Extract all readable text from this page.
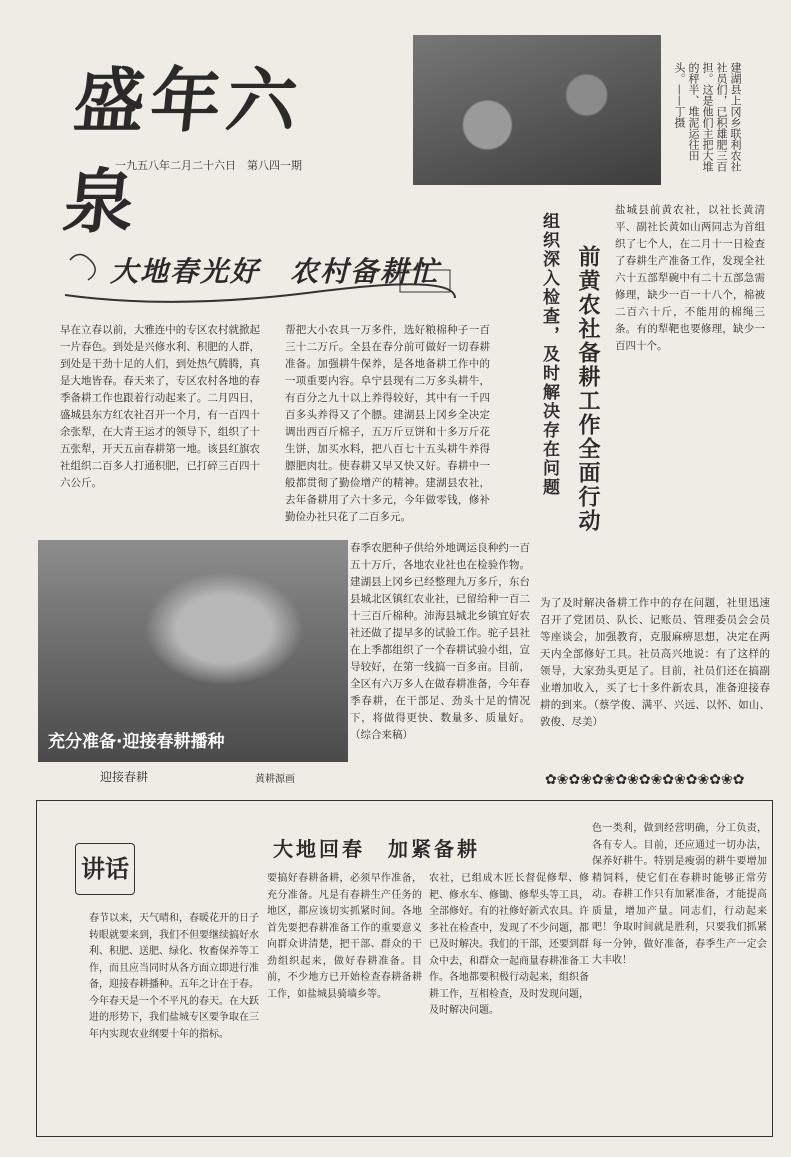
盛年六泉
一九五八年二月二十六日　第八四一期	建湖县上冈乡联利农社社员们，已积雄肥三百担。这是他们主把大堆的秤半、堆泥运往田头。——丁摄
大地春光好　农村备耕忙
早在立春以前，大雅连中的专区农村就掀起一片春色。到处是兴修水利、积肥的人群，到处是干劲十足的人们，到处热气腾腾，真是大地皆春。春天来了，专区农村各地的春季备耕工作也跟着行动起来了。二月四日，盛城县东方红农社召开一个月，有一百四十余张犁，在大青王运才的领导下，组织了十五张犁，开天五亩春耕第一地。该县红旗农社组织二百多人打通积肥，已打碎三百四十六公斤。
帮把大小农具一万多件，选好粮棉种子一百三十二万斤。全县在春分前可做好一切春耕准备。加强耕牛保养，是各地备耕工作中的一项重要内容。阜宁县现有二万多头耕牛，有百分之九十以上养得较好，其中有一千四百多头养得又了个膘。建湖县上冈乡全决定调出西百斤棉子，五万斤豆饼和十多万斤花生饼，加买水料，把八百七十五头耕牛养得膘肥肉壮。使春耕又早又快又好。春耕中一般都贯彻了勤俭增产的精神。建湖县农社，去年备耕用了六十多元，今年做零钱，修补勤俭办社只花了二百多元。
充分准备·迎接春耕播种
迎接春耕	黄耕源画
春季农肥种子供给外地调运良种约一百五十万斤，各地农业社也在检验作物。建湖县上冈乡已经整理九万多斤，东台县城北区镇红农业社，已留给种一百二十三百斤棉种。沛海县城北乡镇宜好农社还做了提早多的试验工作。驼子县社在上季都组织了一个春耕试验小组，宣导较好，在第一线搞一百多亩。目前，全区有六万多人在做春耕准备，今年春季春耕，在干部足、劲头十足的情况下，将做得更快、数量多、质量好。（综合来稿）
前黄农社备耕工作全面行动
组织深入检查，及时解决存在问题
盐城县前黄农社，以社长黄清平、副社长黄如山两同志为首组织了七个人，在二月十一日检查了春耕生产准备工作，发现全社六十五部犁碗中有二十五部急需修理，缺少一百一十八个，棉被二百六十斤，不能用的棉绳三条。有的犁靶也要修理，缺少一百四十个。
为了及时解决备耕工作中的存在问题，社里迅速召开了党团员、队长、记账员、管理委员会会员等座谈会，加强教育，克服麻痹思想，决定在两天内全部修好工具。社员高兴地说：有了这样的领导，大家劲头更足了。目前，社员们还在搞副业增加收入，买了七十多件新农具，准备迎接春耕的到来。（蔡学俊、满平、兴远、以怀、如山、敦俊、尽美）
✿❀✿❀✿❀✿❀✿❀✿❀✿❀✿❀✿
讲话
大地回春　加紧备耕
春节以来，天气晴和，春暖花开的日子转眼就要来到，我们不但要继续搞好水利、积肥、送肥、绿化、牧畜保养等工作，而且应当同时从各方面立即进行准备，迎接春耕播种。五年之计在于春。今年春天是一个不平凡的春天。在大跃进的形势下，我们盐城专区要争取在三年内实现农业纲要十年的指标。
要搞好春耕备耕，必须早作准备，充分准备。凡是有春耕生产任务的地区，都应该切实抓紧时间。各地首先要把春耕准备工作的重要意义向群众讲清楚，把干部、群众的干劲组织起来，做好春耕准备。目前，不少地方已开始检查春耕备耕工作，如盐城县骑墙乡等。
农社，已组成木匠长督促修犁、修耙、修水车、修锄、修犁头等工具，全部修好。有的社修好新式农具。许多社在检查中，发现了不少问题，都已及时解决。我们的干部，还要到群众中去，和群众一起商量春耕准备工作。各地都要积极行动起来，组织备耕工作，互相检查，及时发现问题，及时解决问题。
色一类利，做到经营明确，分工负责，各有专人。目前，还应通过一切办法，保养好耕牛。特别是瘦弱的耕牛要增加精饲料，使它们在春耕时能够正常劳动。春耕工作只有加紧准备，才能提高质量，增加产量。同志们，行动起来吧！争取时间就是胜利，只要我们抓紧每一分钟，做好准备，春季生产一定会大丰收！
